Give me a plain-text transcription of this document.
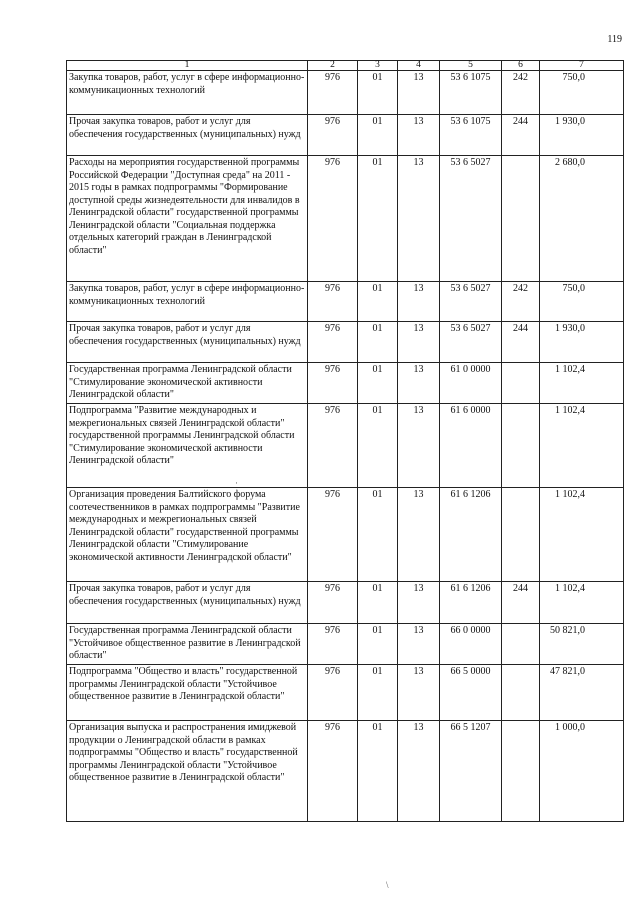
119
1	2	3	4	5	6	7
Закупка товаров, работ, услуг в сфере информационно-коммуникационных технологий	976	01	13	53 6 1075	242	750,0
Прочая закупка товаров, работ и услуг для обеспечения государственных (муниципальных) нужд	976	01	13	53 6 1075	244	1 930,0
Расходы на мероприятия государственной программы Российской Федерации "Доступная среда" на 2011 - 2015 годы в рамках подпрограммы "Формирование доступной среды жизнедеятельности для инвалидов в Ленинградской области" государственной программы Ленинградской области "Социальная поддержка отдельных категорий граждан в Ленинградской области"	976	01	13	53 6 5027		2 680,0
Закупка товаров, работ, услуг в сфере информационно-коммуникационных технологий	976	01	13	53 6 5027	242	750,0
Прочая закупка товаров, работ и услуг для обеспечения государственных (муниципальных) нужд	976	01	13	53 6 5027	244	1 930,0
Государственная программа Ленинградской области "Стимулирование экономической активности Ленинградской области"	976	01	13	61 0 0000		1 102,4
Подпрограмма "Развитие международных и межрегиональных связей Ленинградской области" государственной программы Ленинградской области "Стимулирование экономической активности Ленинградской области"	976	01	13	61 6 0000		1 102,4
Организация проведения Балтийского форума соотечественников в рамках подпрограммы "Развитие международных и межрегиональных связей Ленинградской области" государственной программы Ленинградской области "Стимулирование экономической активности Ленинградской области"	976	01	13	61 6 1206		1 102,4
Прочая закупка товаров, работ и услуг для обеспечения государственных (муниципальных) нужд	976	01	13	61 6 1206	244	1 102,4
Государственная программа Ленинградской области "Устойчивое общественное развитие в Ленинградской области"	976	01	13	66 0 0000		50 821,0
Подпрограмма "Общество и власть" государственной программы Ленинградской области "Устойчивое общественное развитие в Ленинградской области"	976	01	13	66 5 0000		47 821,0
Организация выпуска и распространения имиджевой продукции о Ленинградской области в рамках подпрограммы "Общество и власть" государственной программы Ленинградской области "Устойчивое общественное развитие в Ленинградской области"	976	01	13	66 5 1207		1 000,0
·
\
